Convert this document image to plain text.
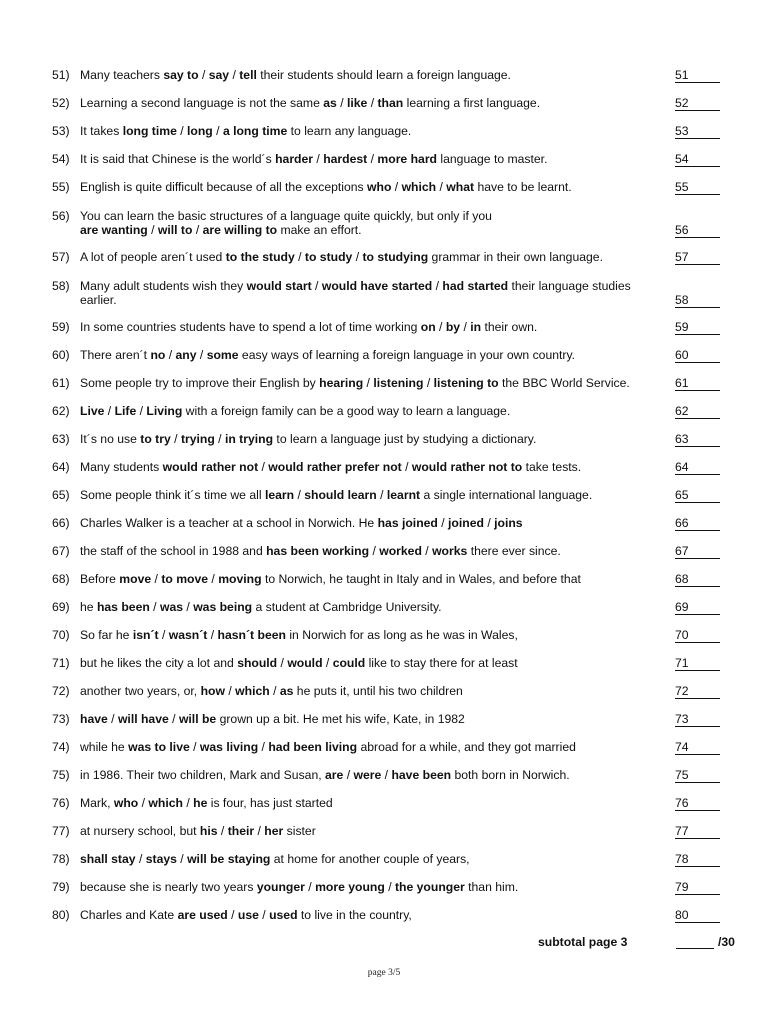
51) Many teachers say to / say / tell their students should learn a foreign language.	51
52) Learning a second language is not the same as / like / than learning a first language.	52
53) It takes long time / long / a long time to learn any language.	53
54) It is said that Chinese is the world´s harder / hardest / more hard language to master.	54
55) English is quite difficult because of all the exceptions who / which / what have to be learnt.	55
56) You can learn the basic structures of a language quite quickly, but only if you
are wanting / will to / are willing to make an effort.	56
57) A lot of people aren´t used to the study / to study / to studying grammar in their own language.	57
58) Many adult students wish they would start / would have started / had started their language studies
earlier.	58
59) In some countries students have to spend a lot of time working on / by / in their own.	59
60) There aren´t no / any / some easy ways of learning a foreign language in your own country.	60
61) Some people try to improve their English by hearing / listening / listening to the BBC World Service.	61
62) Live / Life / Living with a foreign family can be a good way to learn a language.	62
63) It´s no use to try / trying / in trying to learn a language just by studying a dictionary.	63
64) Many students would rather not / would rather prefer not / would rather not to take tests.	64
65) Some people think it´s time we all learn / should learn / learnt a single international language.	65
66) Charles Walker is a teacher at a school in Norwich. He has joined / joined / joins	66
67) the staff of the school in 1988 and has been working / worked / works there ever since.	67
68) Before move / to move / moving to Norwich, he taught in Italy and in Wales, and before that	68
69) he has been / was / was being a student at Cambridge University.	69
70) So far he isn´t / wasn´t / hasn´t been in Norwich for as long as he was in Wales,	70
71) but he likes the city a lot and should / would / could like to stay there for at least	71
72) another two years, or, how / which / as he puts it, until his two children	72
73) have / will have / will be grown up a bit. He met his wife, Kate, in 1982	73
74) while he was to live / was living / had been living abroad for a while, and they got married	74
75) in 1986. Their two children, Mark and Susan, are / were / have been both born in Norwich.	75
76) Mark, who / which / he is four, has just started	76
77) at nursery school, but his / their / her sister	77
78) shall stay / stays / will be staying at home for another couple of years,	78
79) because she is nearly two years younger / more young / the younger than him.	79
80) Charles and Kate are used / use / used to live in the country,	80
subtotal page 3	/30
page 3/5
